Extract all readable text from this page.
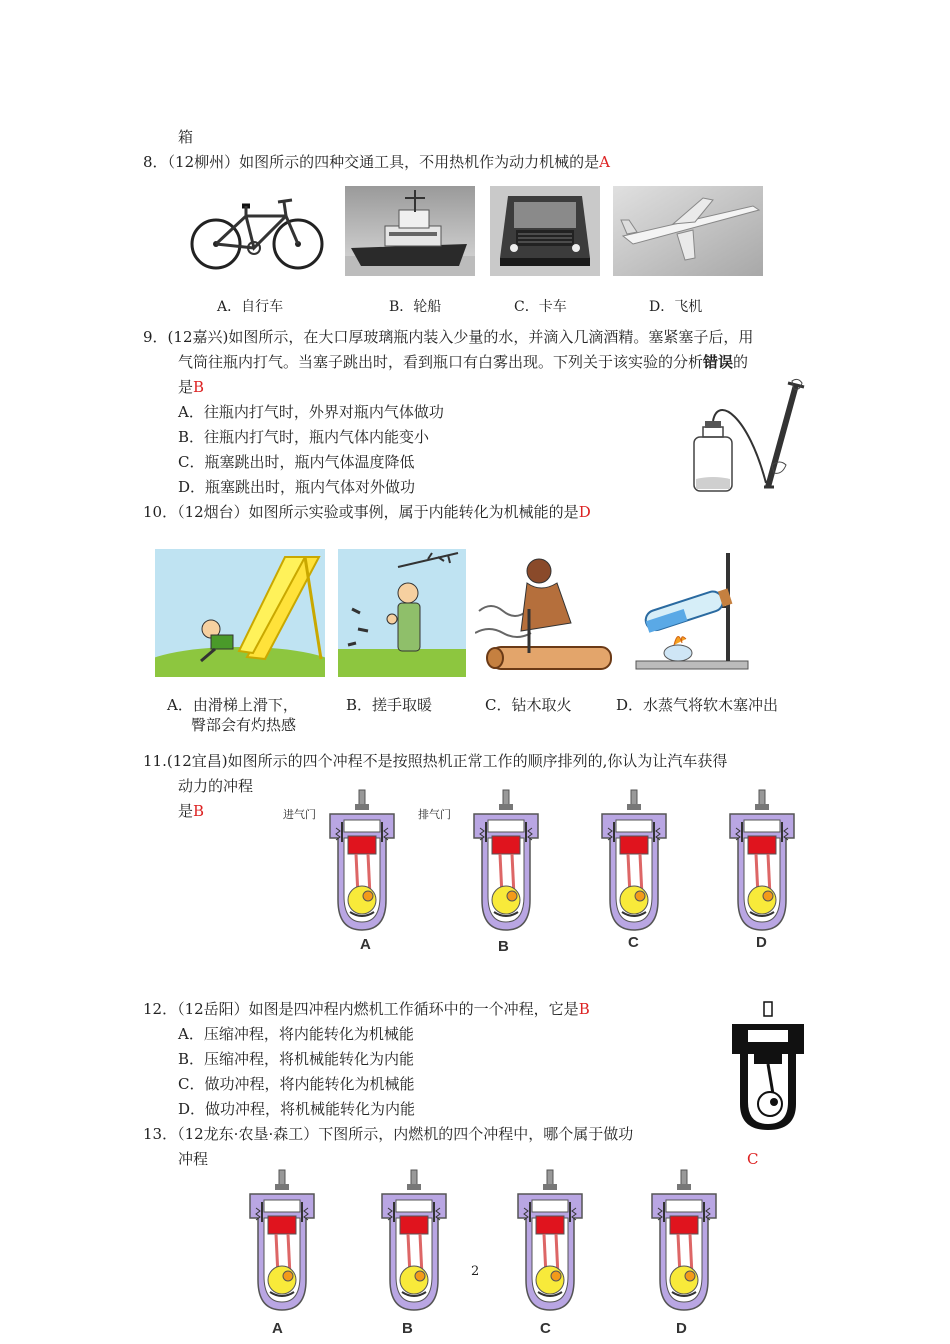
箱
8．（12柳州）如图所示的四种交通工具，不用热机作为动力机械的是A
A．自行车	B．轮船	C．卡车	D．飞机
9．(12嘉兴)如图所示，在大口厚玻璃瓶内装入少量的水，并滴入几滴酒精。塞紧塞子后，用
气筒往瓶内打气。当塞子跳出时，看到瓶口有白雾出现。下列关于该实验的分析错误的
是B
A．往瓶内打气时，外界对瓶内气体做功
B．往瓶内打气时，瓶内气体内能变小
C．瓶塞跳出时，瓶内气体温度降低
D．瓶塞跳出时，瓶内气体对外做功
10．（12烟台）如图所示实验或事例，属于内能转化为机械能的是D
A．由滑梯上滑下，
臀部会有灼热感
B．搓手取暖	C．钻木取火	D．水蒸气将软木塞冲出
11.(12宜昌)如图所示的四个冲程不是按照热机正常工作的顺序排列的,你认为让汽车获得
动力的冲程
是B	进气门	排气门
A	B	C	D
12．（12岳阳）如图是四冲程内燃机工作循环中的一个冲程，它是B
A．压缩冲程，将内能转化为机械能
B．压缩冲程，将机械能转化为内能
C．做功冲程，将内能转化为机械能
D．做功冲程，将机械能转化为内能
13．（12龙东·农垦·森工）下图所示，内燃机的四个冲程中，哪个属于做功
冲程	C
A	B	C	D
2
